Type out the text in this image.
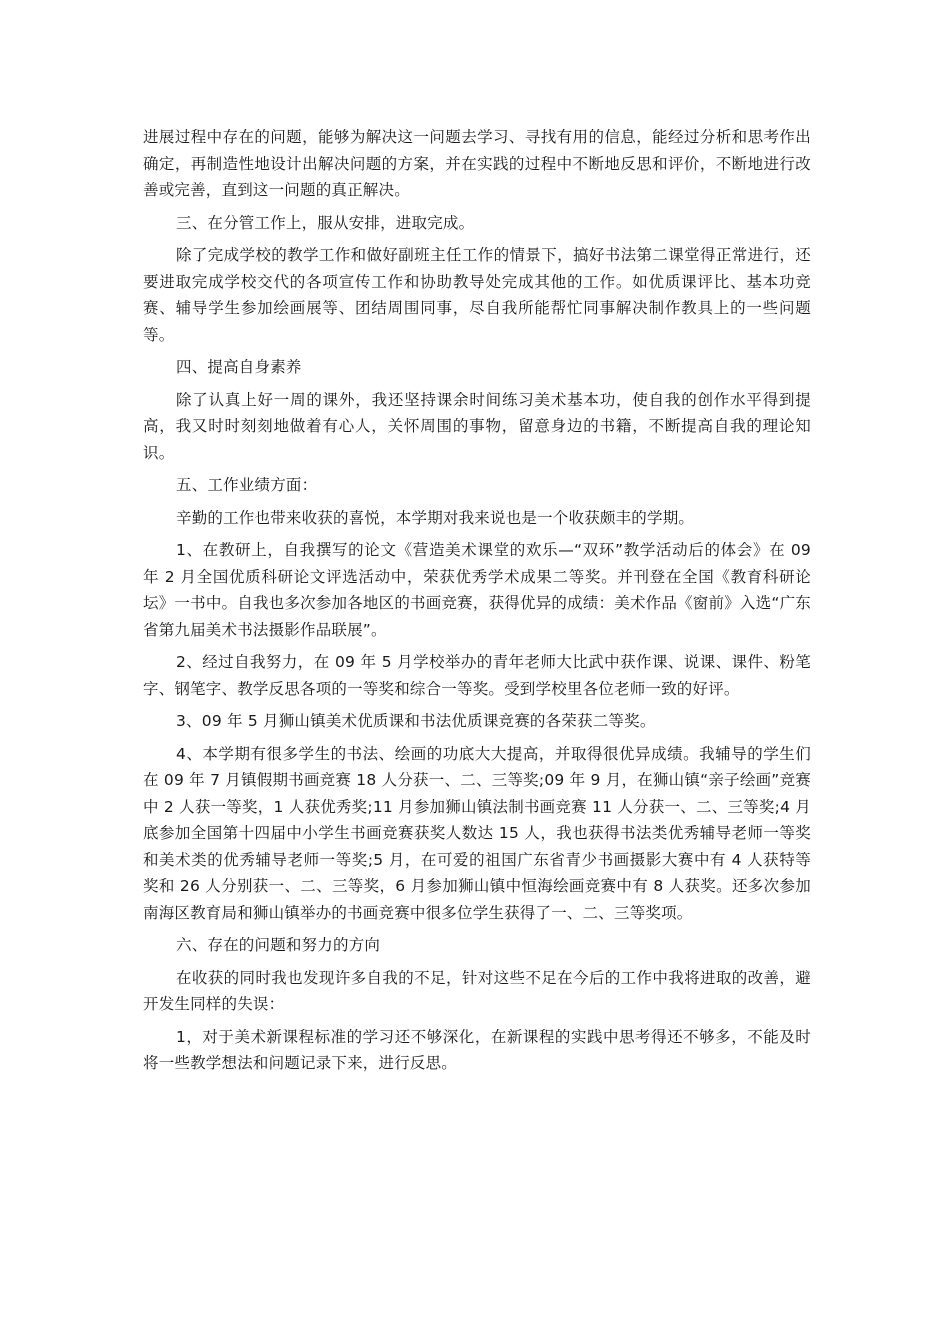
进展过程中存在的问题，能够为解决这一问题去学习、寻找有用的信息，能经过分析和思考作出确定，再制造性地设计出解决问题的方案，并在实践的过程中不断地反思和评价，不断地进行改善或完善，直到这一问题的真正解决。

三、在分管工作上，服从安排，进取完成。

除了完成学校的教学工作和做好副班主任工作的情景下，搞好书法第二课堂得正常进行，还要进取完成学校交代的各项宣传工作和协助教导处完成其他的工作。如优质课评比、基本功竞赛、辅导学生参加绘画展等、团结周围同事，尽自我所能帮忙同事解决制作教具上的一些问题等。

四、提高自身素养

除了认真上好一周的课外，我还坚持课余时间练习美术基本功，使自我的创作水平得到提高，我又时时刻刻地做着有心人，关怀周围的事物，留意身边的书籍，不断提高自我的理论知识。

五、工作业绩方面：

辛勤的工作也带来收获的喜悦，本学期对我来说也是一个收获颇丰的学期。

1、在教研上，自我撰写的论文《营造美术课堂的欢乐—“双环”教学活动后的体会》在 09 年 2 月全国优质科研论文评选活动中，荣获优秀学术成果二等奖。并刊登在全国《教育科研论坛》一书中。自我也多次参加各地区的书画竞赛，获得优异的成绩：美术作品《窗前》入选“广东省第九届美术书法摄影作品联展”。

2、经过自我努力，在 09 年 5 月学校举办的青年老师大比武中获作课、说课、课件、粉笔字、钢笔字、教学反思各项的一等奖和综合一等奖。受到学校里各位老师一致的好评。

3、09 年 5 月狮山镇美术优质课和书法优质课竞赛的各荣获二等奖。

4、本学期有很多学生的书法、绘画的功底大大提高，并取得很优异成绩。我辅导的学生们在 09 年 7 月镇假期书画竞赛 18 人分获一、二、三等奖;09 年 9 月，在狮山镇“亲子绘画”竞赛中 2 人获一等奖，1 人获优秀奖;11 月参加狮山镇法制书画竞赛 11 人分获一、二、三等奖;4 月底参加全国第十四届中小学生书画竞赛获奖人数达 15 人，我也获得书法类优秀辅导老师一等奖和美术类的优秀辅导老师一等奖;5 月，在可爱的祖国广东省青少书画摄影大赛中有 4 人获特等奖和 26 人分别获一、二、三等奖，6 月参加狮山镇中恒海绘画竞赛中有 8 人获奖。还多次参加南海区教育局和狮山镇举办的书画竞赛中很多位学生获得了一、二、三等奖项。

六、存在的问题和努力的方向

在收获的同时我也发现许多自我的不足，针对这些不足在今后的工作中我将进取的改善，避开发生同样的失误：

1，对于美术新课程标准的学习还不够深化，在新课程的实践中思考得还不够多，不能及时将一些教学想法和问题记录下来，进行反思。
